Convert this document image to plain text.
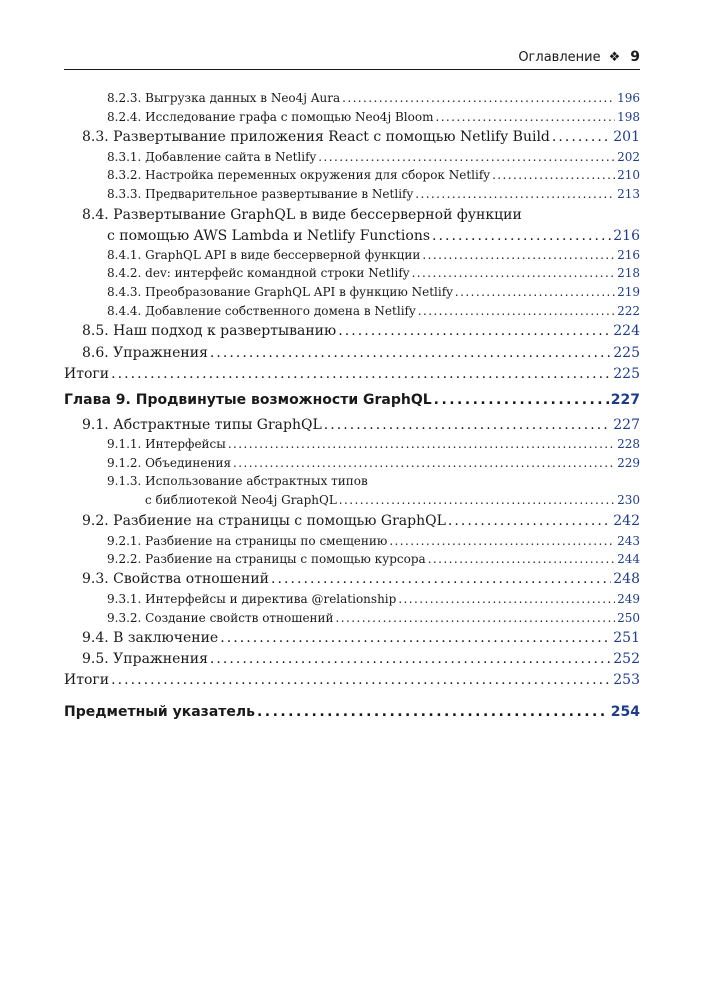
Оглавление ❖ 9
8.2.3. Выгрузка данных в Neo4j Aura . . .	196
8.2.4. Исследование графа с помощью Neo4j Bloom . . .	198
8.3. Развертывание приложения React с помощью Netlify Build . . .	201
8.3.1. Добавление сайта в Netlify . . .	202
8.3.2. Настройка переменных окружения для сборок Netlify . . .	210
8.3.3. Предварительное развертывание в Netlify . . .	213
8.4. Развертывание GraphQL в виде бессерверной функции
с помощью AWS Lambda и Netlify Functions . . .	216
8.4.1. GraphQL API в виде бессерверной функции . . .	216
8.4.2. dev: интерфейс командной строки Netlify . . .	218
8.4.3. Преобразование GraphQL API в функцию Netlify . . .	219
8.4.4. Добавление собственного домена в Netlify . . .	222
8.5. Наш подход к развертыванию . . .	224
8.6. Упражнения . . .	225
Итоги . . .	225
Глава 9. Продвинутые возможности GraphQL . . .	227
9.1. Абстрактные типы GraphQL . . .	227
9.1.1. Интерфейсы . . .	228
9.1.2. Объединения . . .	229
9.1.3. Использование абстрактных типов
с библиотекой Neo4j GraphQL . . .	230
9.2. Разбиение на страницы с помощью GraphQL . . .	242
9.2.1. Разбиение на страницы по смещению . . .	243
9.2.2. Разбиение на страницы с помощью курсора . . .	244
9.3. Свойства отношений . . .	248
9.3.1. Интерфейсы и директива @relationship . . .	249
9.3.2. Создание свойств отношений . . .	250
9.4. В заключение . . .	251
9.5. Упражнения . . .	252
Итоги . . .	253
Предметный указатель . . .	254
